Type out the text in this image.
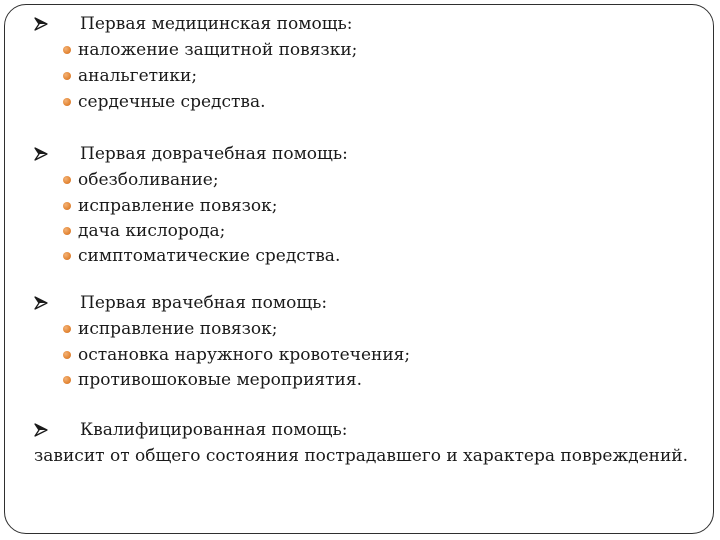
Первая медицинская помощь:
наложение защитной повязки;
анальгетики;
сердечные средства.
Первая доврачебная помощь:
обезболивание;
исправление повязок;
дача кислорода;
симптоматические средства.
Первая врачебная помощь:
исправление повязок;
остановка наружного кровотечения;
противошоковые мероприятия.
Квалифицированная помощь:
зависит от общего состояния пострадавшего и характера повреждений.
